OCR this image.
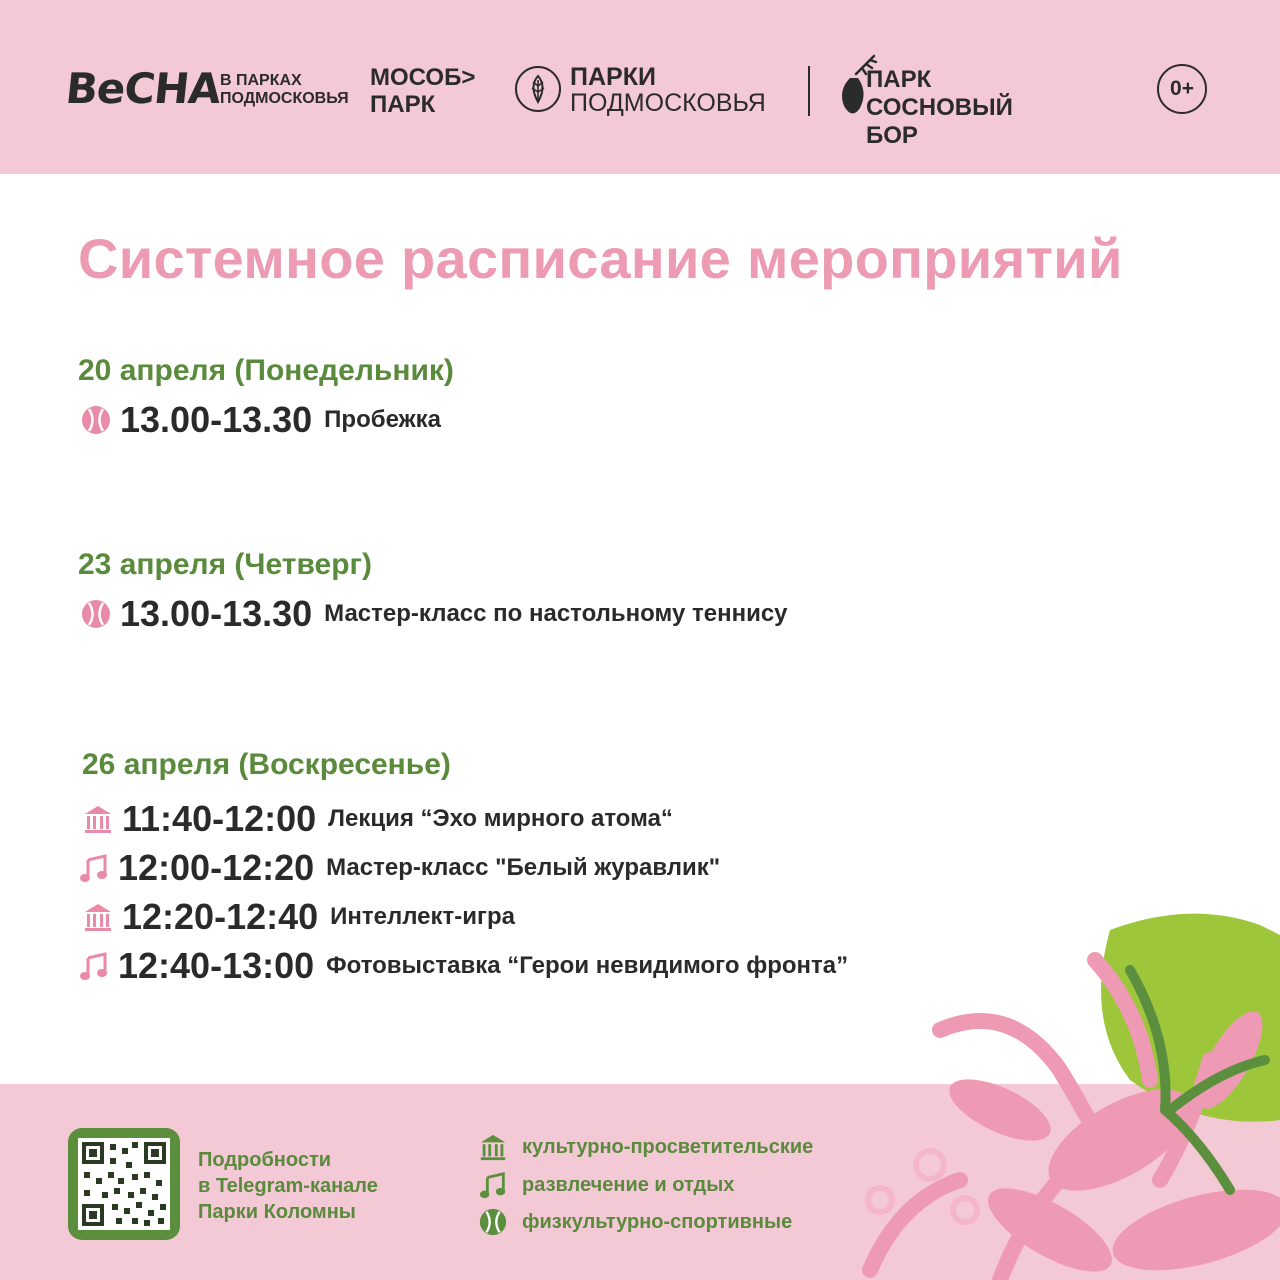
ВеСНА
В ПАРКАХ
ПОДМОСКОВЬЯ
МОСОБ>
ПАРК
ПАРКИ
ПОДМОСКОВЬЯ
ПАРК
СОСНОВЫЙ БОР
0+
Системное расписание мероприятий
20 апреля (Понедельник)
13.00-13.30 Пробежка
23 апреля (Четверг)
13.00-13.30 Мастер-класс по настольному теннису
26 апреля (Воскресенье)
11:40-12:00 Лекция “Эхо мирного атома“
12:00-12:20 Мастер-класс "Белый журавлик"
12:20-12:40 Интеллект-игра
12:40-13:00 Фотовыставка “Герои невидимого фронта”
Подробности
в Telegram-канале
Парки Коломны
культурно-просветительские
развлечение и отдых
физкультурно-спортивные
